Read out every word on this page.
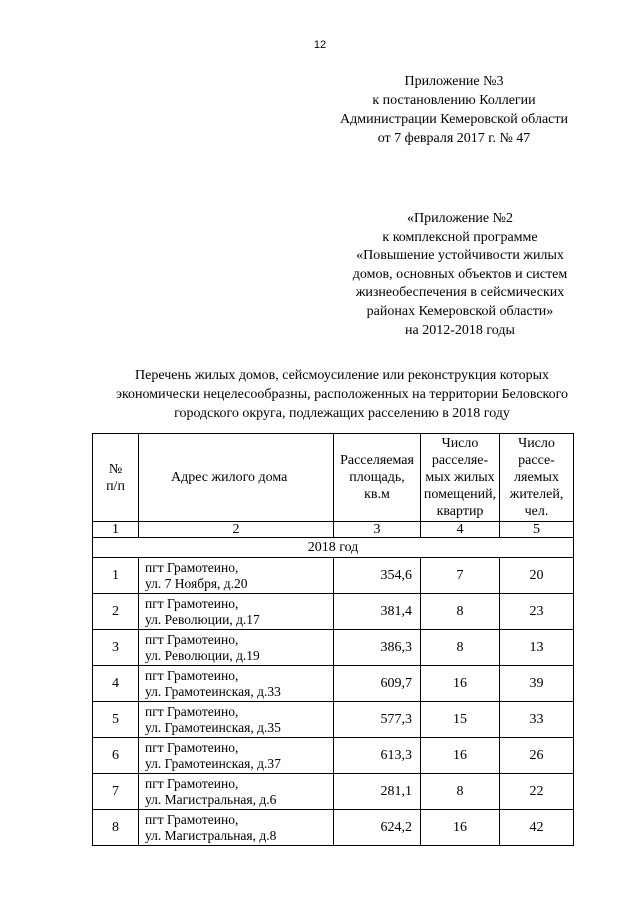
12
Приложение №3
к постановлению Коллегии
Администрации Кемеровской области
от 7 февраля 2017 г. № 47
«Приложение №2
к комплексной программе
«Повышение устойчивости жилых
домов, основных объектов и систем
жизнеобеспечения в сейсмических
районах Кемеровской области»
на 2012-2018 годы
Перечень жилых домов, сейсмоусиление или реконструкция которых
экономически нецелесообразны, расположенных на территории Беловского
городского округа, подлежащих расселению в 2018 году
№
п/п	Адрес жилого дома	Расселяемая
площадь,
кв.м	Число
расселяе-
мых жилых
помещений,
квартир	Число
рассе-
ляемых
жителей,
чел.

1	2	3	4	5
2018 год				
1	пгт Грамотеино,
ул. 7 Ноября, д.20	354,6	7	20
2	пгт Грамотеино,
ул. Революции, д.17	381,4	8	23
3	пгт Грамотеино,
ул. Революции, д.19	386,3	8	13
4	пгт Грамотеино,
ул. Грамотеинская, д.33	609,7	16	39
5	пгт Грамотеино,
ул. Грамотеинская, д.35	577,3	15	33
6	пгт Грамотеино,
ул. Грамотеинская, д.37	613,3	16	26
7	пгт Грамотеино,
ул. Магистральная, д.6	281,1	8	22
8	пгт Грамотеино,
ул. Магистральная, д.8	624,2	16	42
